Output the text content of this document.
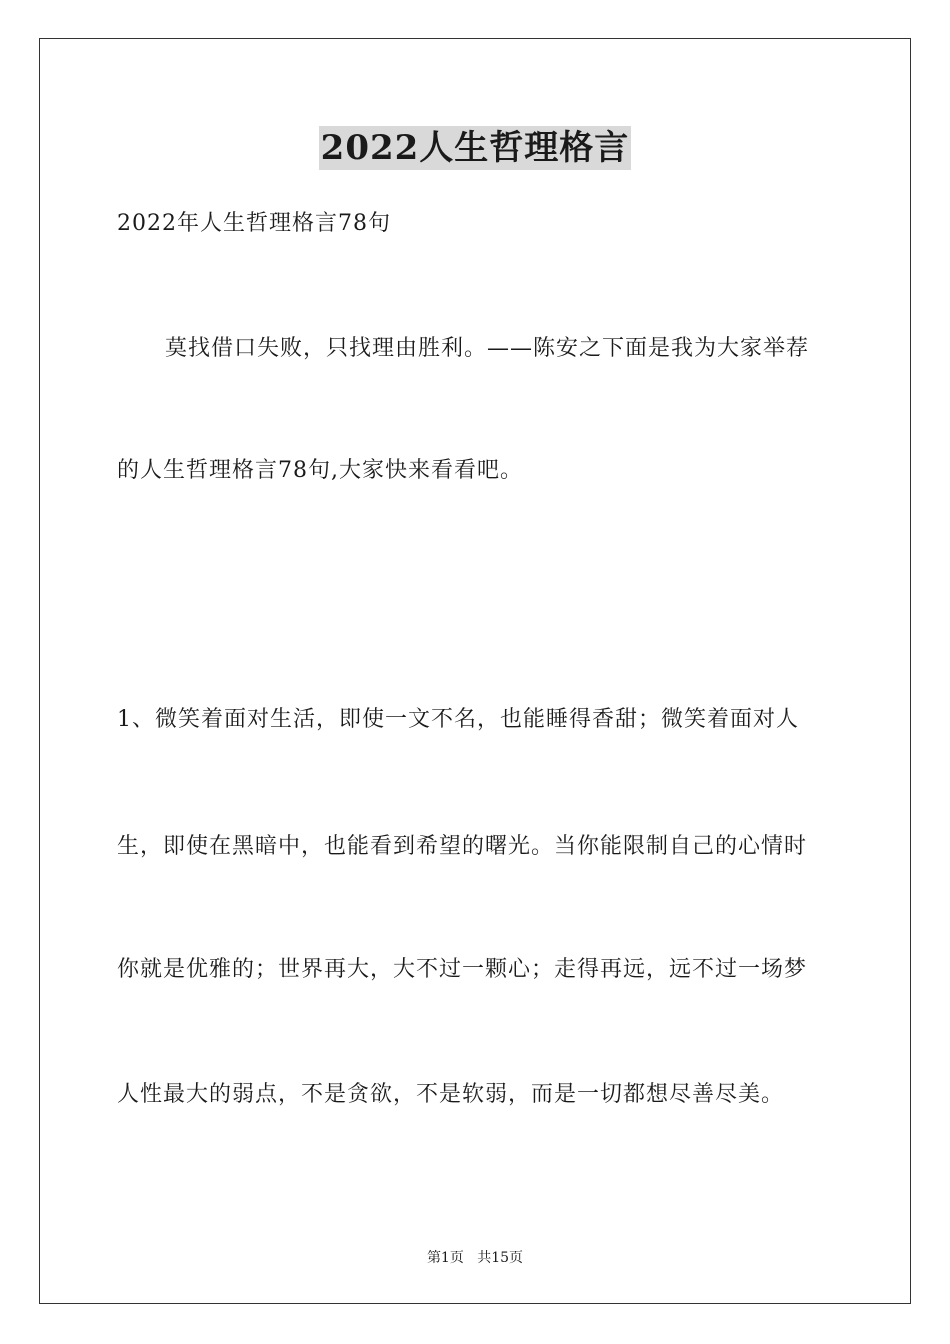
2022人生哲理格言
2022年人生哲理格言78句
莫找借口失败，只找理由胜利。——陈安之下面是我为大家举荐
的人生哲理格言78句,大家快来看看吧。
1、微笑着面对生活，即使一文不名，也能睡得香甜；微笑着面对人
生，即使在黑暗中，也能看到希望的曙光。当你能限制自己的心情时
你就是优雅的；世界再大，大不过一颗心；走得再远，远不过一场梦
人性最大的弱点，不是贪欲，不是软弱，而是一切都想尽善尽美。
第1页 共15页
